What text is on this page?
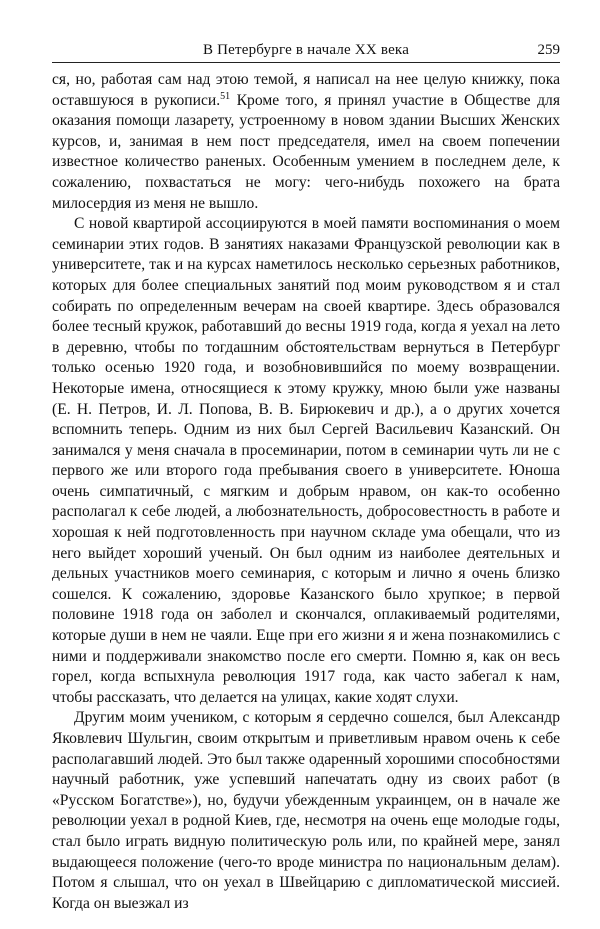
В Петербурге в начале XX века	259

ся, но, работая сам над этою темой, я написал на нее целую книжку, пока оставшуюся в рукописи.$^{51}$ Кроме того, я принял участие в Обществе для оказания помощи лазарету, устроенному в новом здании Высших Женских курсов, и, занимая в нем пост председателя, имел на своем попечении известное количество раненых. Особенным умением в последнем деле, к сожалению, похвастаться не могу: чего-нибудь похожего на брата милосердия из меня не вышло.

С новой квартирой ассоциируются в моей памяти воспоминания о моем семинарии этих годов. В занятиях наказами Французской революции как в университете, так и на курсах наметилось несколько серьезных работников, которых для более специальных занятий под моим руководством я и стал собирать по определенным вечерам на своей квартире. Здесь образовался более тесный кружок, работавший до весны 1919 года, когда я уехал на лето в деревню, чтобы по тогдашним обстоятельствам вернуться в Петербург только осенью 1920 года, и возобновившийся по моему возвращении. Некоторые имена, относящиеся к этому кружку, мною были уже названы (Е. Н. Петров, И. Л. Попова, В. В. Бирюкевич и др.), а о других хочется вспомнить теперь. Одним из них был Сергей Васильевич Казанский. Он занимался у меня сначала в просеминарии, потом в семинарии чуть ли не с первого же или второго года пребывания своего в университете. Юноша очень симпатичный, с мягким и добрым нравом, он как-то особенно располагал к себе людей, а любознательность, добросовестность в работе и хорошая к ней подготовленность при научном складе ума обещали, что из него выйдет хороший ученый. Он был одним из наиболее деятельных и дельных участников моего семинария, с которым и лично я очень близко сошелся. К сожалению, здоровье Казанского было хрупкое; в первой половине 1918 года он заболел и скончался, оплакиваемый родителями, которые души в нем не чаяли. Еще при его жизни я и жена познакомились с ними и поддерживали знакомство после его смерти. Помню я, как он весь горел, когда вспыхнула революция 1917 года, как часто забегал к нам, чтобы рассказать, что делается на улицах, какие ходят слухи.

Другим моим учеником, с которым я сердечно сошелся, был Александр Яковлевич Шульгин, своим открытым и приветливым нравом очень к себе располагавший людей. Это был также одаренный хорошими способностями научный работник, уже успевший напечатать одну из своих работ (в «Русском Богатстве»), но, будучи убежденным украинцем, он в начале же революции уехал в родной Киев, где, несмотря на очень еще молодые годы, стал было играть видную политическую роль или, по крайней мере, занял выдающееся положение (чего-то вроде министра по национальным делам). Потом я слышал, что он уехал в Швейцарию с дипломатической миссией. Когда он выезжал из
